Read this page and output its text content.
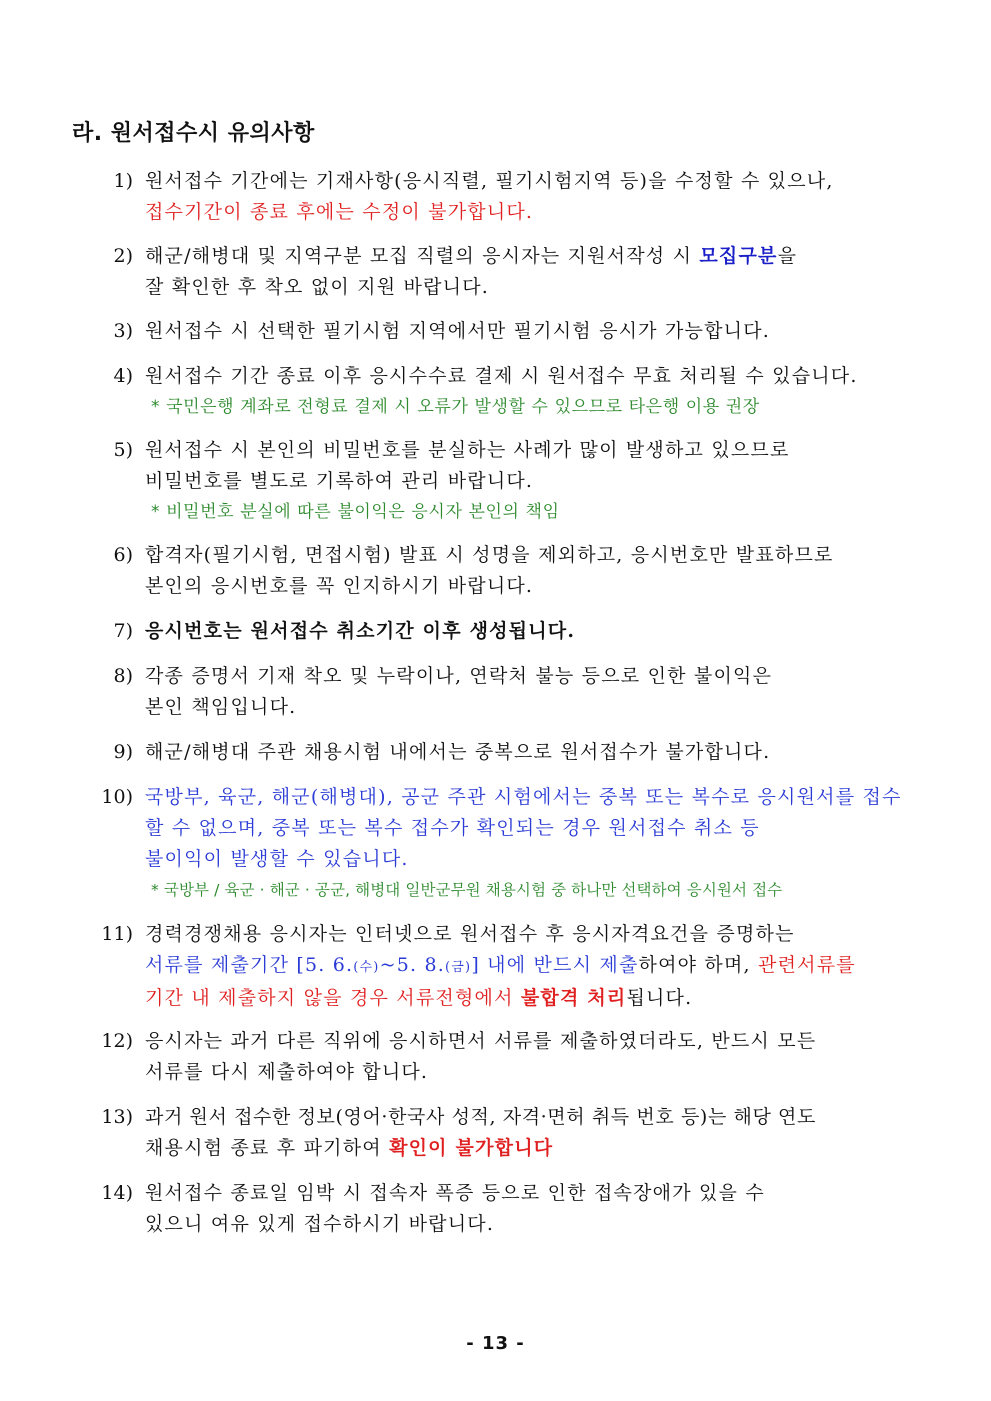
라. 원서접수시 유의사항
1) 원서접수 기간에는 기재사항(응시직렬, 필기시험지역 등)을 수정할 수 있으나,
접수기간이 종료 후에는 수정이 불가합니다.
2) 해군/해병대 및 지역구분 모집 직렬의 응시자는 지원서작성 시 모집구분을
잘 확인한 후 착오 없이 지원 바랍니다.
3) 원서접수 시 선택한 필기시험 지역에서만 필기시험 응시가 가능합니다.
4) 원서접수 기간 종료 이후 응시수수료 결제 시 원서접수 무효 처리될 수 있습니다.
* 국민은행 계좌로 전형료 결제 시 오류가 발생할 수 있으므로 타은행 이용 권장
5) 원서접수 시 본인의 비밀번호를 분실하는 사례가 많이 발생하고 있으므로
비밀번호를 별도로 기록하여 관리 바랍니다.
* 비밀번호 분실에 따른 불이익은 응시자 본인의 책임
6) 합격자(필기시험, 면접시험) 발표 시 성명을 제외하고, 응시번호만 발표하므로
본인의 응시번호를 꼭 인지하시기 바랍니다.
7) 응시번호는 원서접수 취소기간 이후 생성됩니다.
8) 각종 증명서 기재 착오 및 누락이나, 연락처 불능 등으로 인한 불이익은
본인 책임입니다.
9) 해군/해병대 주관 채용시험 내에서는 중복으로 원서접수가 불가합니다.
10) 국방부, 육군, 해군(해병대), 공군 주관 시험에서는 중복 또는 복수로 응시원서를 접수
할 수 없으며, 중복 또는 복수 접수가 확인되는 경우 원서접수 취소 등
불이익이 발생할 수 있습니다.
* 국방부 / 육군 · 해군 · 공군, 해병대 일반군무원 채용시험 중 하나만 선택하여 응시원서 접수
11) 경력경쟁채용 응시자는 인터넷으로 원서접수 후 응시자격요건을 증명하는
서류를 제출기간 [5. 6.(수)~5. 8.(금)] 내에 반드시 제출하여야 하며, 관련서류를
기간 내 제출하지 않을 경우 서류전형에서 불합격 처리됩니다.
12) 응시자는 과거 다른 직위에 응시하면서 서류를 제출하였더라도, 반드시 모든
서류를 다시 제출하여야 합니다.
13) 과거 원서 접수한 정보(영어·한국사 성적, 자격·면허 취득 번호 등)는 해당 연도
채용시험 종료 후 파기하여 확인이 불가합니다
14) 원서접수 종료일 임박 시 접속자 폭증 등으로 인한 접속장애가 있을 수
있으니 여유 있게 접수하시기 바랍니다.
- 13 -
